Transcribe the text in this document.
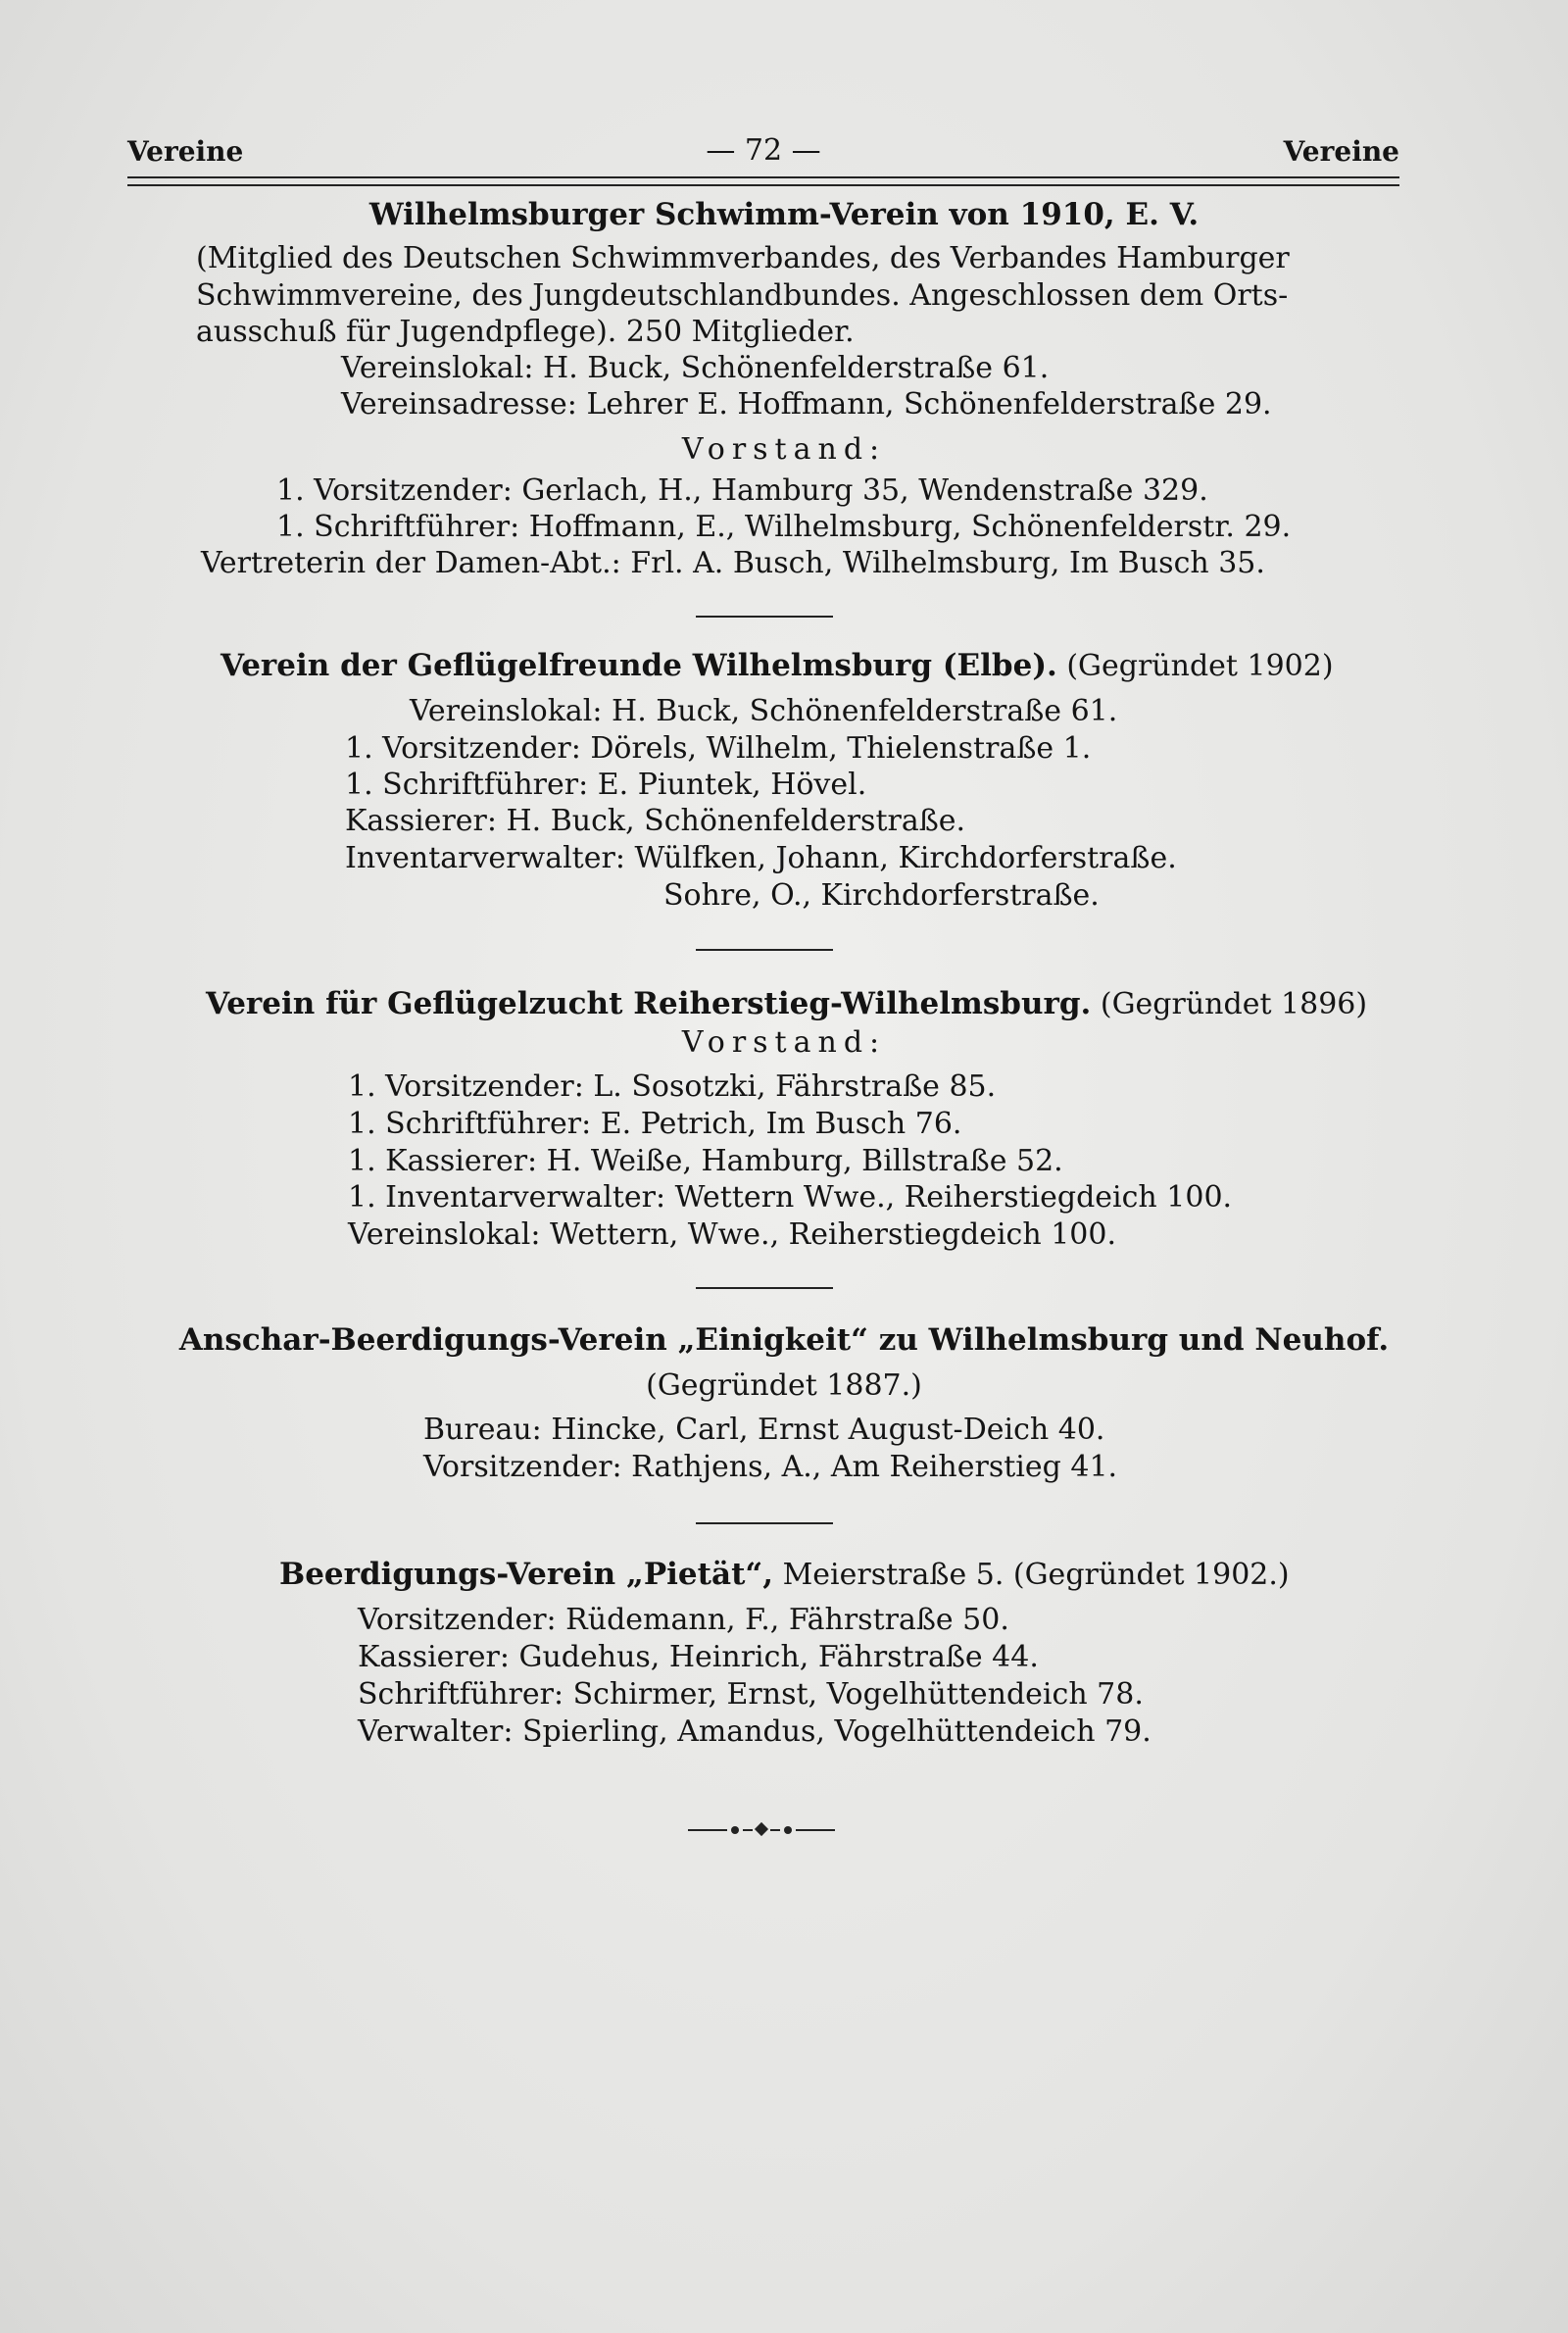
Vereine	— 72 —	Vereine
Wilhelmsburger Schwimm-Verein von 1910, E. V.
(Mitglied des Deutschen Schwimmverbandes, des Verbandes Hamburger
Schwimmvereine, des Jungdeutschlandbundes. Angeschlossen dem Orts-
ausschuß für Jugendpflege). 250 Mitglieder.
Vereinslokal: H. Buck, Schönenfelderstraße 61.
Vereinsadresse: Lehrer E. Hoffmann, Schönenfelderstraße 29.
Vorstand:
1. Vorsitzender: Gerlach, H., Hamburg 35, Wendenstraße 329.
1. Schriftführer: Hoffmann, E., Wilhelmsburg, Schönenfelderstr. 29.
Vertreterin der Damen-Abt.: Frl. A. Busch, Wilhelmsburg, Im Busch 35.
Verein der Geflügelfreunde Wilhelmsburg (Elbe). (Gegründet 1902)
Vereinslokal: H. Buck, Schönenfelderstraße 61.
1. Vorsitzender: Dörels, Wilhelm, Thielenstraße 1.
1. Schriftführer: E. Piuntek, Hövel.
Kassierer: H. Buck, Schönenfelderstraße.
Inventarverwalter: Wülfken, Johann, Kirchdorferstraße.
Sohre, O., Kirchdorferstraße.
Verein für Geflügelzucht Reiherstieg-Wilhelmsburg. (Gegründet 1896)
Vorstand:
1. Vorsitzender: L. Sosotzki, Fährstraße 85.
1. Schriftführer: E. Petrich, Im Busch 76.
1. Kassierer: H. Weiße, Hamburg, Billstraße 52.
1. Inventarverwalter: Wettern Wwe., Reiherstiegdeich 100.
Vereinslokal: Wettern, Wwe., Reiherstiegdeich 100.
Anschar-Beerdigungs-Verein „Einigkeit“ zu Wilhelmsburg und Neuhof.
(Gegründet 1887.)
Bureau: Hincke, Carl, Ernst August-Deich 40.
Vorsitzender: Rathjens, A., Am Reiherstieg 41.
Beerdigungs-Verein „Pietät“, Meierstraße 5. (Gegründet 1902.)
Vorsitzender: Rüdemann, F., Fährstraße 50.
Kassierer: Gudehus, Heinrich, Fährstraße 44.
Schriftführer: Schirmer, Ernst, Vogelhüttendeich 78.
Verwalter: Spierling, Amandus, Vogelhüttendeich 79.
